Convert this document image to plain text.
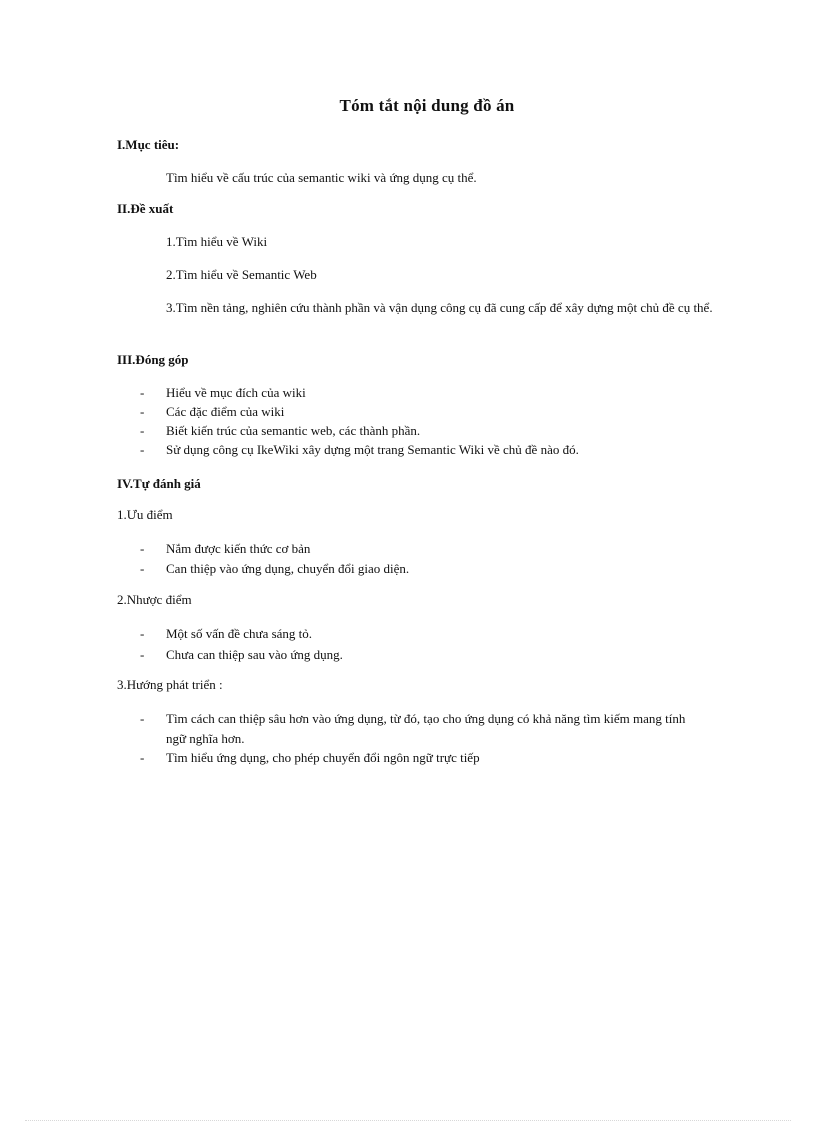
Tóm tắt nội dung đồ án
I.Mục tiêu:
Tìm hiểu về cấu trúc của semantic wiki và ứng dụng cụ thể.
II.Đề xuất
1.Tìm hiểu về Wiki
2.Tìm hiểu về Semantic Web
3.Tìm nền tảng, nghiên cứu thành phần và vận dụng công cụ đã cung cấp để xây dựng một chủ đề cụ thể.
III.Đóng góp
- Hiểu về mục đích của wiki
- Các đặc điểm của wiki
- Biết kiến trúc của semantic web, các thành phần.
- Sử dụng công cụ IkeWiki xây dựng một trang Semantic Wiki về chủ đề nào đó.
IV.Tự đánh giá
1.Ưu điểm
- Nắm được kiến thức cơ bản
- Can thiệp vào ứng dụng, chuyển đổi giao diện.
2.Nhược điểm
- Một số vấn đề chưa sáng tỏ.
- Chưa can thiệp sau vào ứng dụng.
3.Hướng phát triển :
- Tìm cách can thiệp sâu hơn vào ứng dụng, từ đó, tạo cho ứng dụng có khả năng tìm kiếm mang tính ngữ nghĩa hơn.
- Tìm hiểu ứng dụng, cho phép chuyển đổi ngôn ngữ trực tiếp
